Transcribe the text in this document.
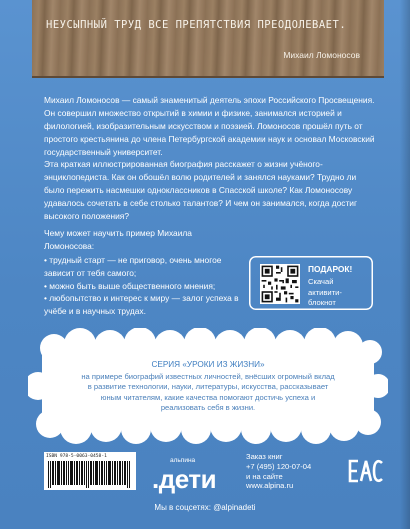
НЕУСЫПНЫЙ ТРУД ВСЕ ПРЕПЯТСТВИЯ ПРЕОДОЛЕВАЕТ.
Михаил Ломоносов
Михаил Ломоносов — самый знаменитый деятель эпохи Российского Просвещения. Он совершил множество открытий в химии и физике, занимался историей и филологией, изобразительным искусством и поэзией. Ломоносов прошёл путь от простого крестьянина до члена Петербургской академии наук и основал Московский государственный университет.
Эта краткая иллюстрированная биография расскажет о жизни учёного-энциклопедиста. Как он обошёл волю родителей и занялся науками? Трудно ли было пережить насмешки одноклассников в Спасской школе? Как Ломоносову удавалось сочетать в себе столько талантов? И чем он занимался, когда достиг высокого положения?
Чему может научить пример Михаила Ломоносова:
• трудный старт — не приговор, очень многое зависит от тебя самого;
• можно быть выше общественного мнения;
• любопытство и интерес к миру — залог успеха в учёбе и в научных трудах.
ПОДАРОК!
Скачай активити-блокнот
СЕРИЯ «УРОКИ ИЗ ЖИЗНИ»
на примере биографий известных личностей, внёсших огромный вклад в развитие технологии, науки, литературы, искусства, рассказывает юным читателям, какие качества помогают достичь успеха и реализовать себя в жизни.
ISBN 978-5-0063-0458-1
альпина
.дети
Заказ книг
+7 (495) 120-07-04
и на сайте
www.alpina.ru
Мы в соцсетях: @alpinadeti
